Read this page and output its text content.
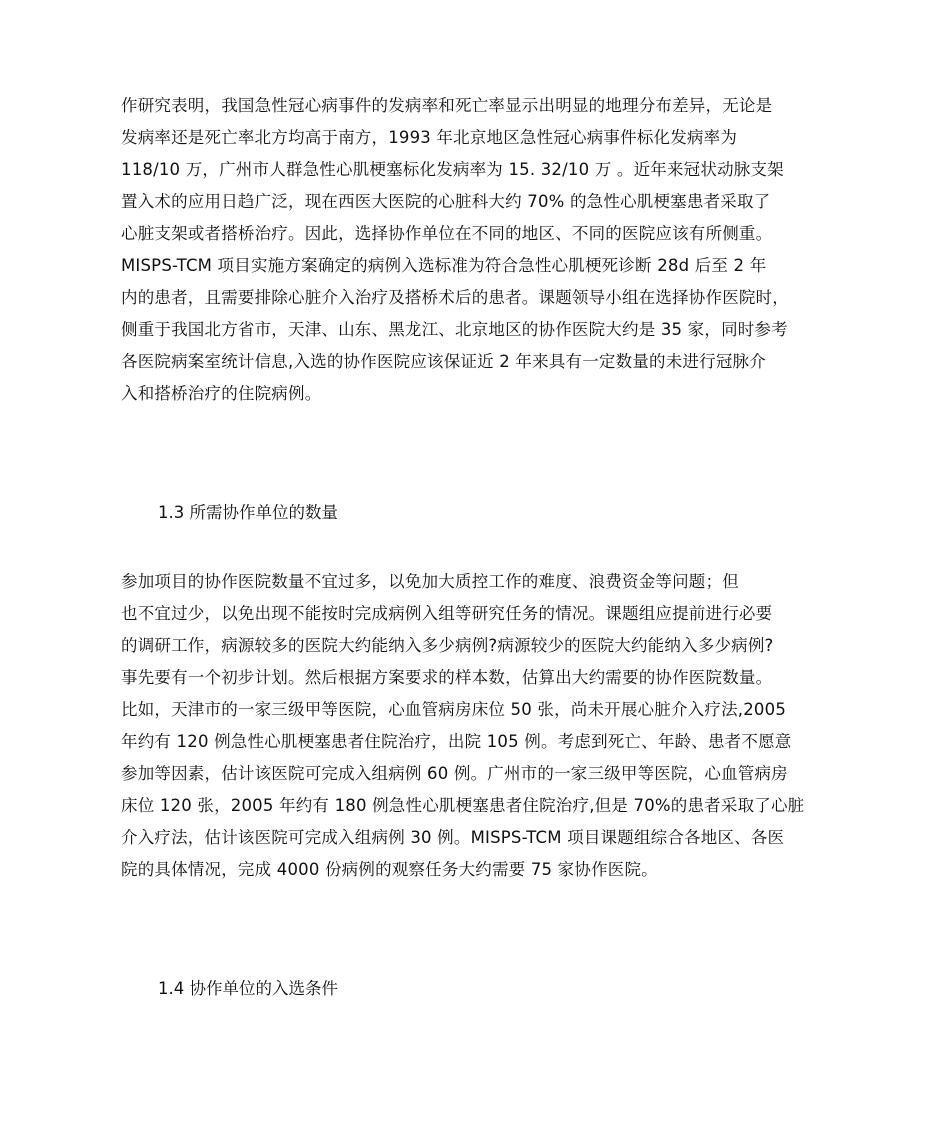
作研究表明，我国急性冠心病事件的发病率和死亡率显示出明显的地理分布差异，无论是
发病率还是死亡率北方均高于南方，1993 年北京地区急性冠心病事件标化发病率为
118/10 万，广州市人群急性心肌梗塞标化发病率为 15. 32/10 万 。近年来冠状动脉支架
置入术的应用日趋广泛，现在西医大医院的心脏科大约 70% 的急性心肌梗塞患者采取了
心脏支架或者搭桥治疗。因此，选择协作单位在不同的地区、不同的医院应该有所侧重。
MISPS-TCM 项目实施方案确定的病例入选标准为符合急性心肌梗死诊断 28d 后至 2 年
内的患者，且需要排除心脏介入治疗及搭桥术后的患者。课题领导小组在选择协作医院时，
侧重于我国北方省市，天津、山东、黑龙江、北京地区的协作医院大约是 35 家，同时参考
各医院病案室统计信息,入选的协作医院应该保证近 2 年来具有一定数量的未进行冠脉介
入和搭桥治疗的住院病例。
1.3 所需协作单位的数量
参加项目的协作医院数量不宜过多，以免加大质控工作的难度、浪费资金等问题；但
也不宜过少，以免出现不能按时完成病例入组等研究任务的情况。课题组应提前进行必要
的调研工作，病源较多的医院大约能纳入多少病例?病源较少的医院大约能纳入多少病例?
事先要有一个初步计划。然后根据方案要求的样本数，估算出大约需要的协作医院数量。
比如，天津市的一家三级甲等医院，心血管病房床位 50 张，尚未开展心脏介入疗法,2005
年约有 120 例急性心肌梗塞患者住院治疗，出院 105 例。考虑到死亡、年龄、患者不愿意
参加等因素，估计该医院可完成入组病例 60 例。广州市的一家三级甲等医院，心血管病房
床位 120 张，2005 年约有 180 例急性心肌梗塞患者住院治疗,但是 70%的患者采取了心脏
介入疗法，估计该医院可完成入组病例 30 例。MISPS-TCM 项目课题组综合各地区、各医
院的具体情况，完成 4000 份病例的观察任务大约需要 75 家协作医院。
1.4 协作单位的入选条件
